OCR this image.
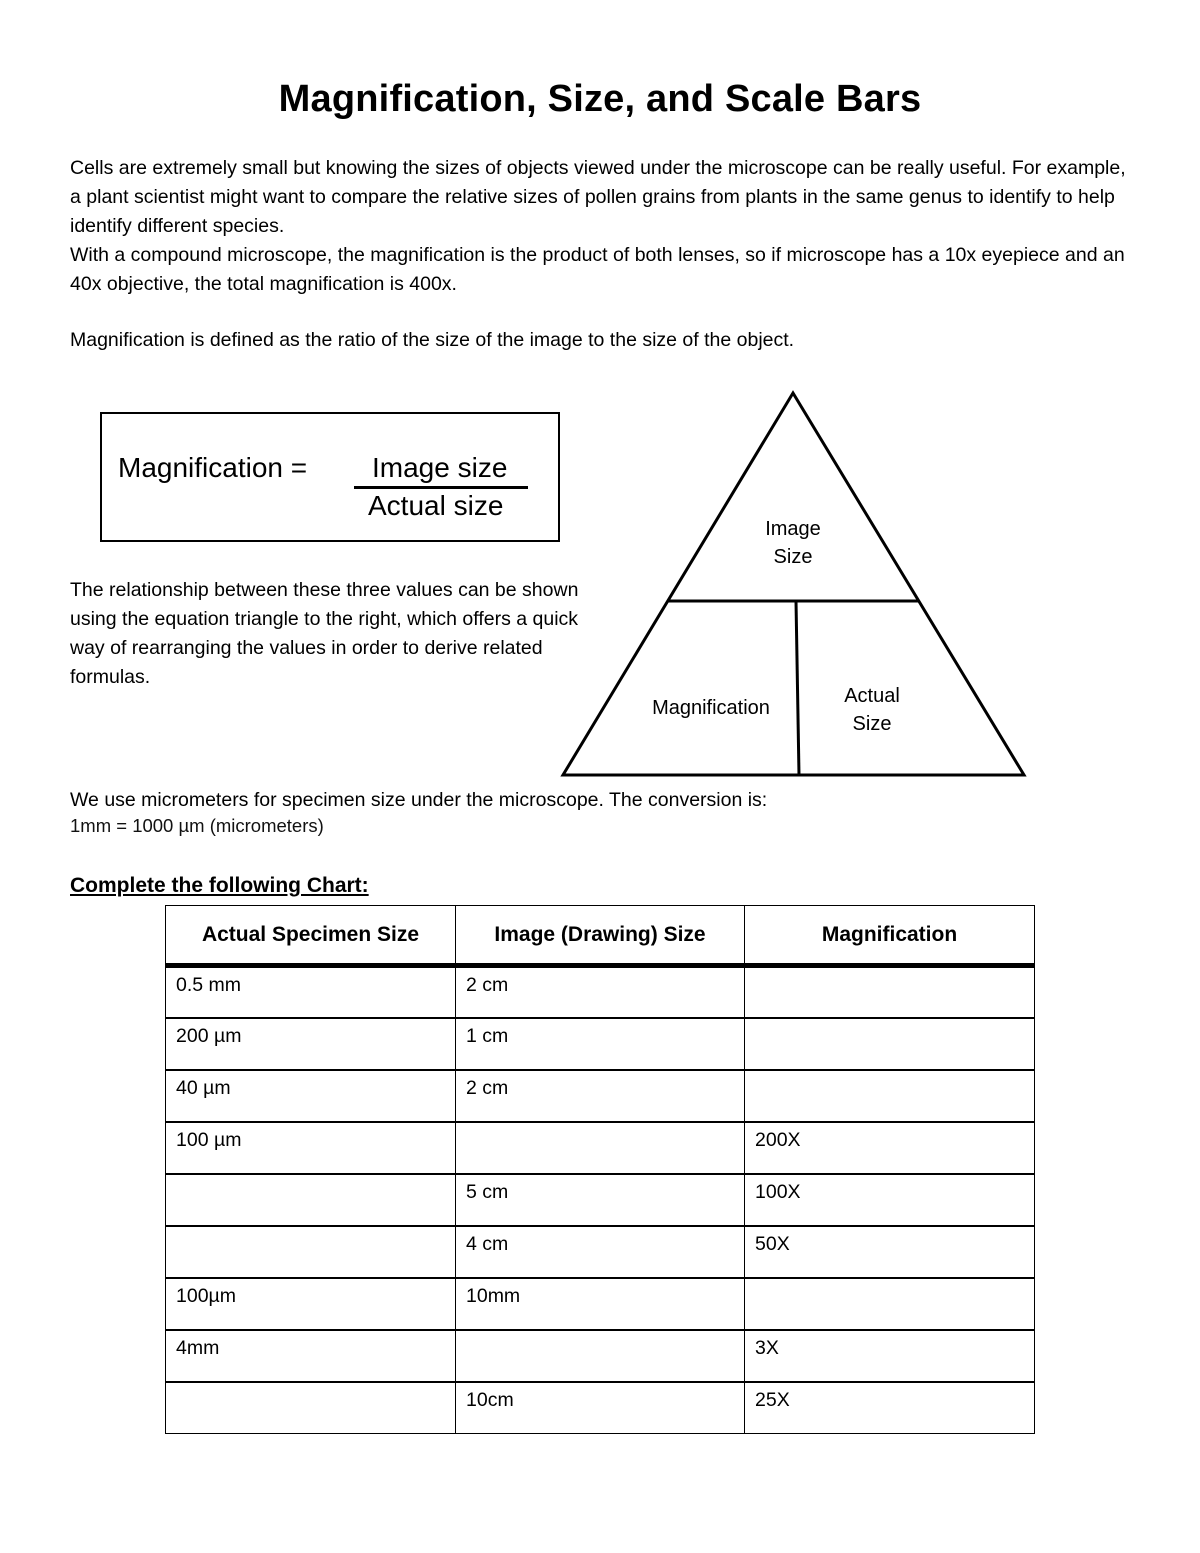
Magnification, Size, and Scale Bars

Cells are extremely small but knowing the sizes of objects viewed under the microscope can be really useful. For example, a plant scientist might want to compare the relative sizes of pollen grains from plants in the same genus to identify to help identify different species.

With a compound microscope, the magnification is the product of both lenses, so if microscope has a 10x eyepiece and an 40x objective, the total magnification is 400x.

Magnification is defined as the ratio of the size of the image to the size of the object.

Magnification = Image size
Actual size

The relationship between these three values can be shown using the equation triangle to the right, which offers a quick way of rearranging the values in order to derive related formulas.

Image Size
Magnification
Actual Size

We use micrometers for specimen size under the microscope. The conversion is:

1mm = 1000 µm (micrometers)

Complete the following Chart:

Actual Specimen Size	Image (Drawing) Size	Magnification
0.5 mm	2 cm	
200 µm	1 cm	
40 µm	2 cm	
100 µm		200X
	5 cm	100X
	4 cm	50X
100µm	10mm	
4mm		3X
	10cm	25X
